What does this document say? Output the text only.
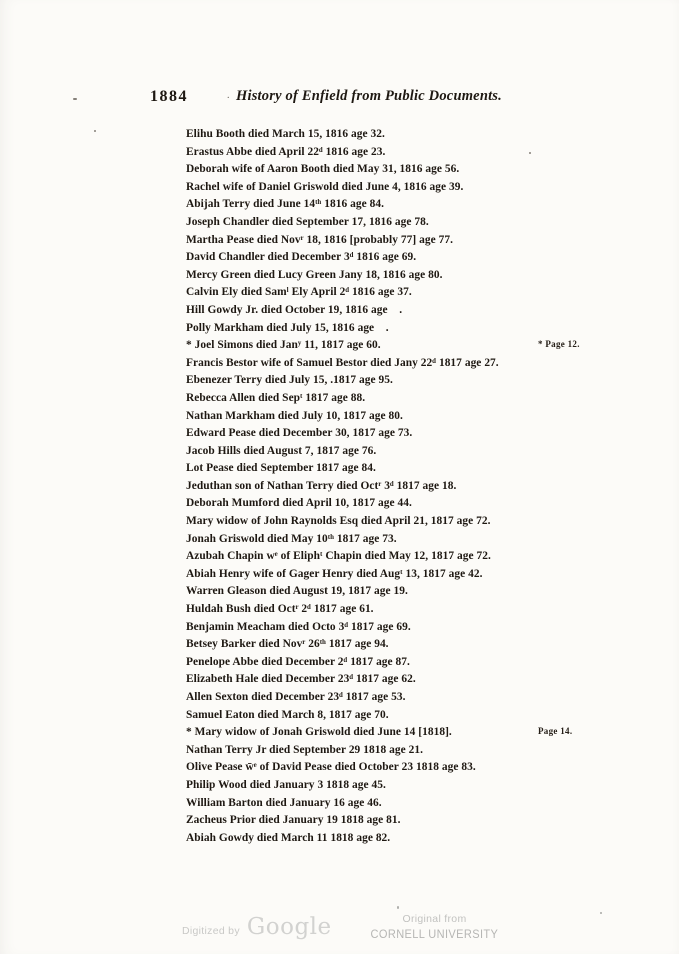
1884	. History of Enfield from Public Documents.
Elihu Booth died March 15, 1816 age 32.
Erastus Abbe died April 22ᵈ 1816 age 23.
Deborah wife of Aaron Booth died May 31, 1816 age 56.
Rachel wife of Daniel Griswold died June 4, 1816 age 39.
Abijah Terry died June 14ᵗʰ 1816 age 84.
Joseph Chandler died September 17, 1816 age 78.
Martha Pease died Novʳ 18, 1816 [probably 77] age 77.
David Chandler died December 3ᵈ 1816 age 69.
Mercy Green died Lucy Green Jany 18, 1816 age 80.
Calvin Ely died Samˡ Ely April 2ᵈ 1816 age 37.
Hill Gowdy Jr. died October 19, 1816 age    .
Polly Markham died July 15, 1816 age    .
* Joel Simons died Janʸ 11, 1817 age 60.	* Page 12.
Francis Bestor wife of Samuel Bestor died Jany 22ᵈ 1817 age 27.
Ebenezer Terry died July 15, .1817 age 95.
Rebecca Allen died Sepᵗ 1817 age 88.
Nathan Markham died July 10, 1817 age 80.
Edward Pease died December 30, 1817 age 73.
Jacob Hills died August 7, 1817 age 76.
Lot Pease died September 1817 age 84.
Jeduthan son of Nathan Terry died Octʳ 3ᵈ 1817 age 18.
Deborah Mumford died April 10, 1817 age 44.
Mary widow of John Raynolds Esq died April 21, 1817 age 72.
Jonah Griswold died May 10ᵗʰ 1817 age 73.
Azubah Chapin wᵉ of Eliphᵗ Chapin died May 12, 1817 age 72.
Abiah Henry wife of Gager Henry died Augᵗ 13, 1817 age 42.
Warren Gleason died August 19, 1817 age 19.
Huldah Bush died Octʳ 2ᵈ 1817 age 61.
Benjamin Meacham died Octo 3ᵈ 1817 age 69.
Betsey Barker died Novʳ 26ᵗʰ 1817 age 94.
Penelope Abbe died December 2ᵈ 1817 age 87.
Elizabeth Hale died December 23ᵈ 1817 age 62.
Allen Sexton died December 23ᵈ 1817 age 53.
Samuel Eaton died March 8, 1817 age 70.
* Mary widow of Jonah Griswold died June 14 [1818].	Page 14.
Nathan Terry Jr died September 29 1818 age 21.
Olive Pease w̄ᵉ of David Pease died October 23 1818 age 83.
Philip Wood died January 3 1818 age 45.
William Barton died January 16 age 46.
Zacheus Prior died January 19 1818 age 81.
Abiah Gowdy died March 11 1818 age 82.
Digitized by Google	Original from
CORNELL UNIVERSITY
